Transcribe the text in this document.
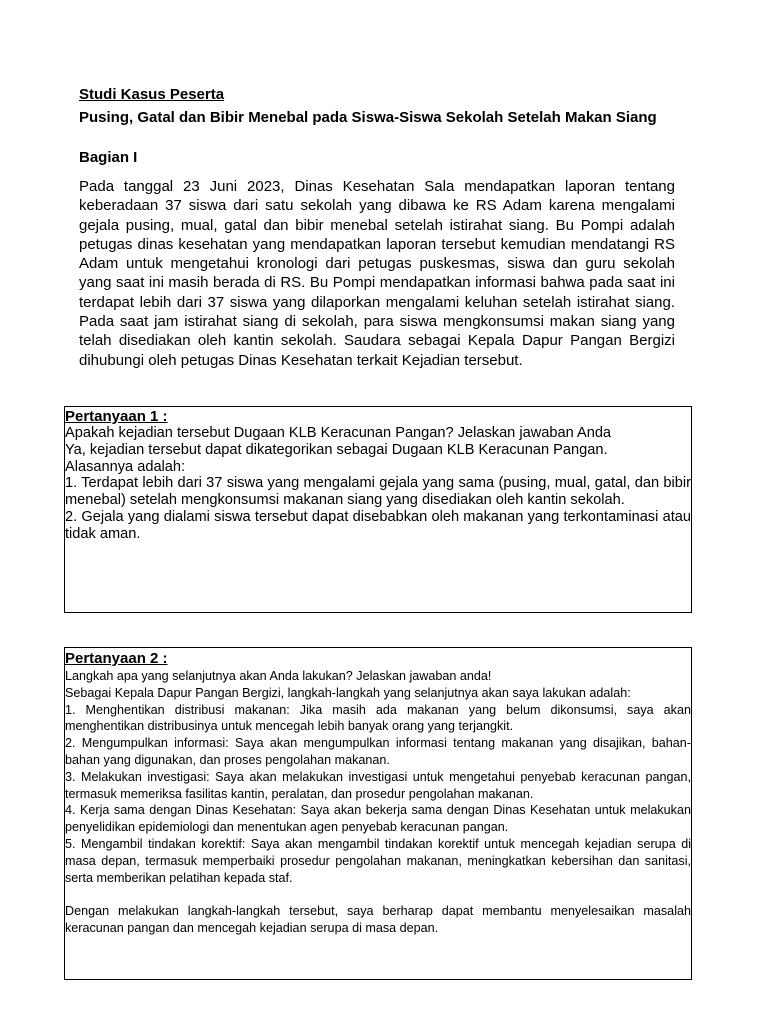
Studi Kasus Peserta

Pusing, Gatal dan Bibir Menebal pada Siswa-Siswa Sekolah Setelah Makan Siang

Bagian I

Pada tanggal 23 Juni 2023, Dinas Kesehatan Sala mendapatkan laporan tentang keberadaan 37 siswa dari satu sekolah yang dibawa ke RS Adam karena mengalami gejala pusing, mual, gatal dan bibir menebal setelah istirahat siang. Bu Pompi adalah petugas dinas kesehatan yang mendapatkan laporan tersebut kemudian mendatangi RS Adam untuk mengetahui kronologi dari petugas puskesmas, siswa dan guru sekolah yang saat ini masih berada di RS. Bu Pompi mendapatkan informasi bahwa pada saat ini terdapat lebih dari 37 siswa yang dilaporkan mengalami keluhan setelah istirahat siang. Pada saat jam istirahat siang di sekolah, para siswa mengkonsumsi makan siang yang telah disediakan oleh kantin sekolah. Saudara sebagai Kepala Dapur Pangan Bergizi dihubungi oleh petugas Dinas Kesehatan terkait Kejadian tersebut.

Pertanyaan 1 :

Apakah kejadian tersebut Dugaan KLB Keracunan Pangan? Jelaskan jawaban Anda

Ya, kejadian tersebut dapat dikategorikan sebagai Dugaan KLB Keracunan Pangan.

Alasannya adalah:

1. Terdapat lebih dari 37 siswa yang mengalami gejala yang sama (pusing, mual, gatal, dan bibir menebal) setelah mengkonsumsi makanan siang yang disediakan oleh kantin sekolah.

2. Gejala yang dialami siswa tersebut dapat disebabkan oleh makanan yang terkontaminasi atau tidak aman.

Pertanyaan 2 :

Langkah apa yang selanjutnya akan Anda lakukan? Jelaskan jawaban anda!

Sebagai Kepala Dapur Pangan Bergizi, langkah-langkah yang selanjutnya akan saya lakukan adalah:

1. Menghentikan distribusi makanan: Jika masih ada makanan yang belum dikonsumsi, saya akan menghentikan distribusinya untuk mencegah lebih banyak orang yang terjangkit.

2. Mengumpulkan informasi: Saya akan mengumpulkan informasi tentang makanan yang disajikan, bahan-bahan yang digunakan, dan proses pengolahan makanan.

3. Melakukan investigasi: Saya akan melakukan investigasi untuk mengetahui penyebab keracunan pangan, termasuk memeriksa fasilitas kantin, peralatan, dan prosedur pengolahan makanan.

4. Kerja sama dengan Dinas Kesehatan: Saya akan bekerja sama dengan Dinas Kesehatan untuk melakukan penyelidikan epidemiologi dan menentukan agen penyebab keracunan pangan.

5. Mengambil tindakan korektif: Saya akan mengambil tindakan korektif untuk mencegah kejadian serupa di masa depan, termasuk memperbaiki prosedur pengolahan makanan, meningkatkan kebersihan dan sanitasi, serta memberikan pelatihan kepada staf.

Dengan melakukan langkah-langkah tersebut, saya berharap dapat membantu menyelesaikan masalah keracunan pangan dan mencegah kejadian serupa di masa depan.
